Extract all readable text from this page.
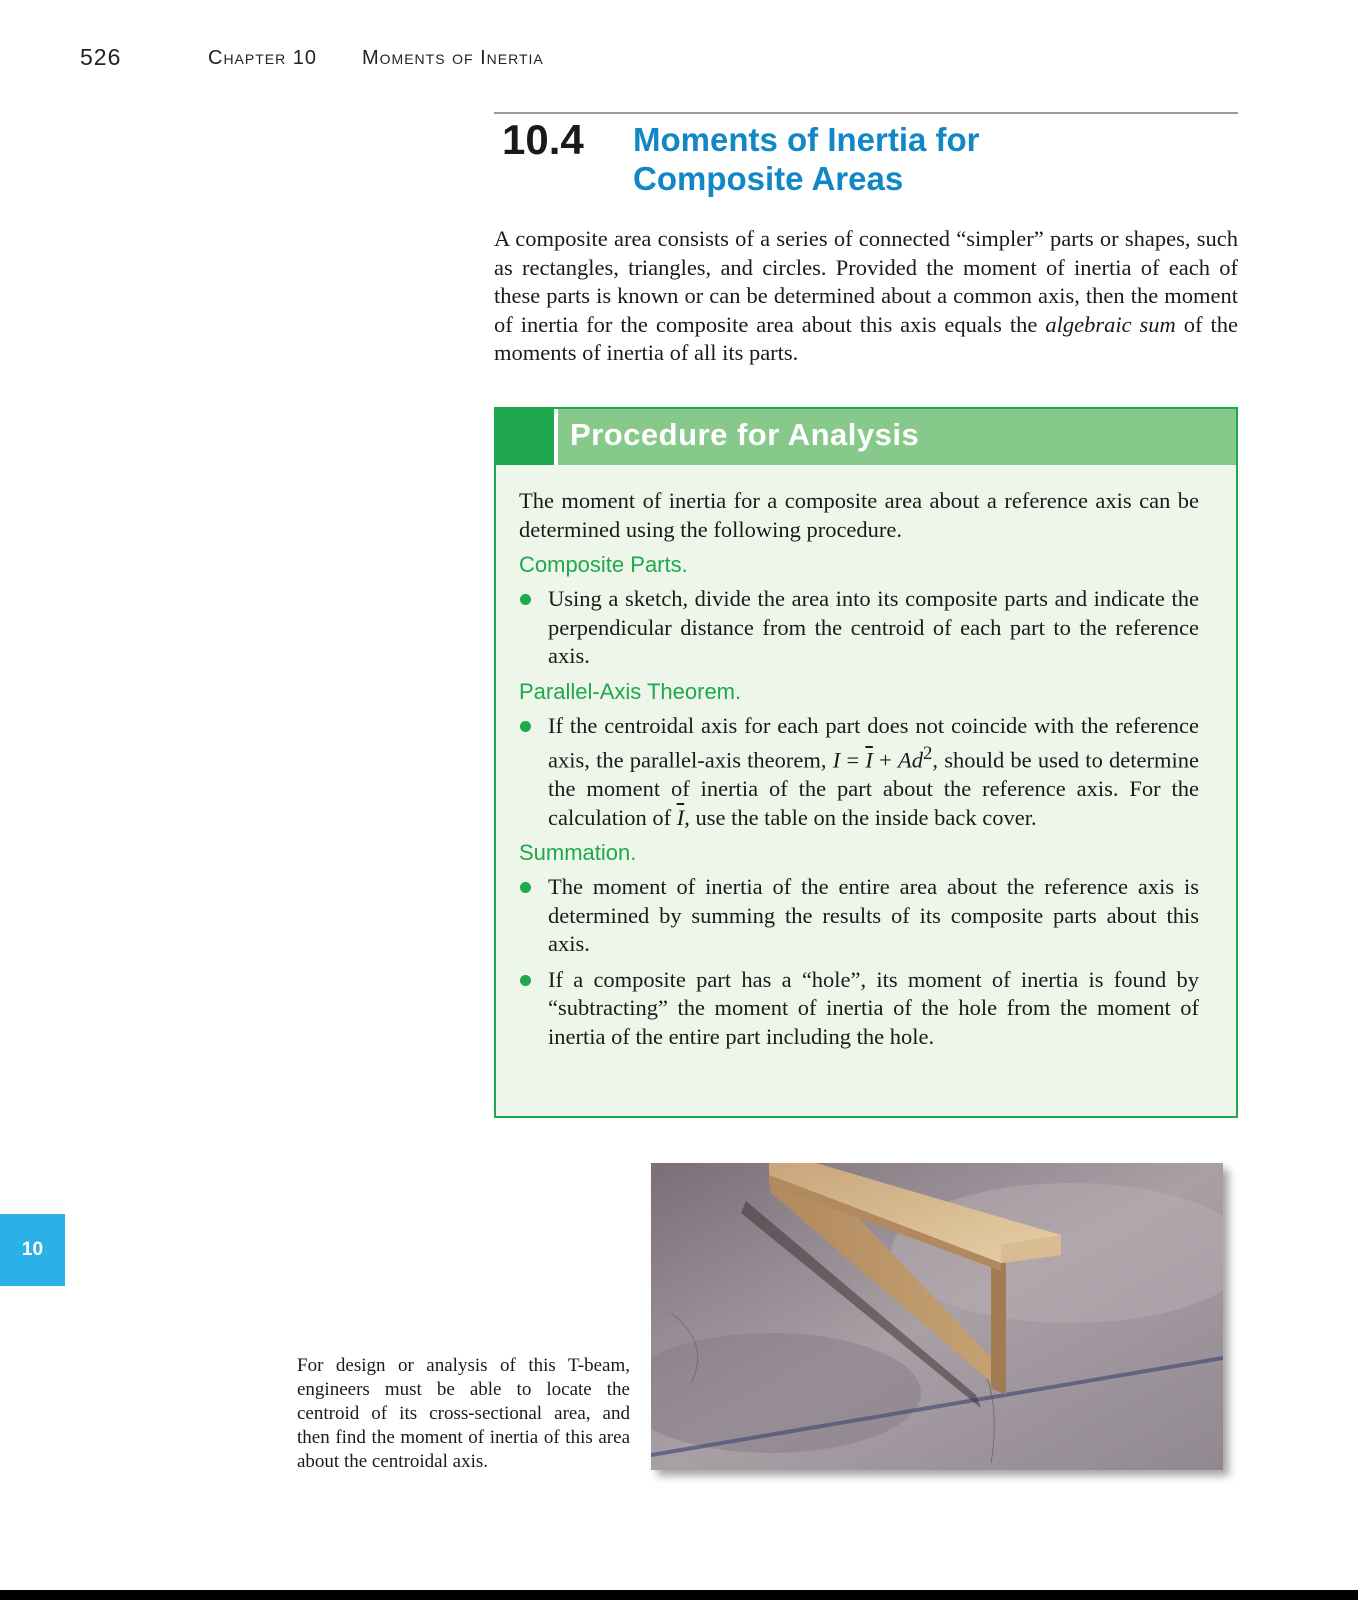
526	Chapter 10 Moments of Inertia
10.4 Moments of Inertia for
Composite Areas

A composite area consists of a series of connected “simpler” parts or shapes, such as rectangles, triangles, and circles. Provided the moment of inertia of each of these parts is known or can be determined about a common axis, then the moment of inertia for the composite area about this axis equals the algebraic sum of the moments of inertia of all its parts.

Procedure for Analysis

The moment of inertia for a composite area about a reference axis can be determined using the following procedure.

Composite Parts.
Using a sketch, divide the area into its composite parts and indicate the perpendicular distance from the centroid of each part to the reference axis.
Parallel-Axis Theorem.
If the centroidal axis for each part does not coincide with the reference axis, the parallel-axis theorem, $I = \overline{I} + Ad^2$, should be used to determine the moment of inertia of the part about the reference axis. For the calculation of $\overline{I}$, use the table on the inside back cover.
Summation.
The moment of inertia of the entire area about the reference axis is determined by summing the results of its composite parts about this axis.
If a composite part has a “hole”, its moment of inertia is found by “subtracting” the moment of inertia of the hole from the moment of inertia of the entire part including the hole.
10

For design or analysis of this T-beam, engineers must be able to locate the centroid of its cross-sectional area, and then find the moment of inertia of this area about the centroidal axis.
